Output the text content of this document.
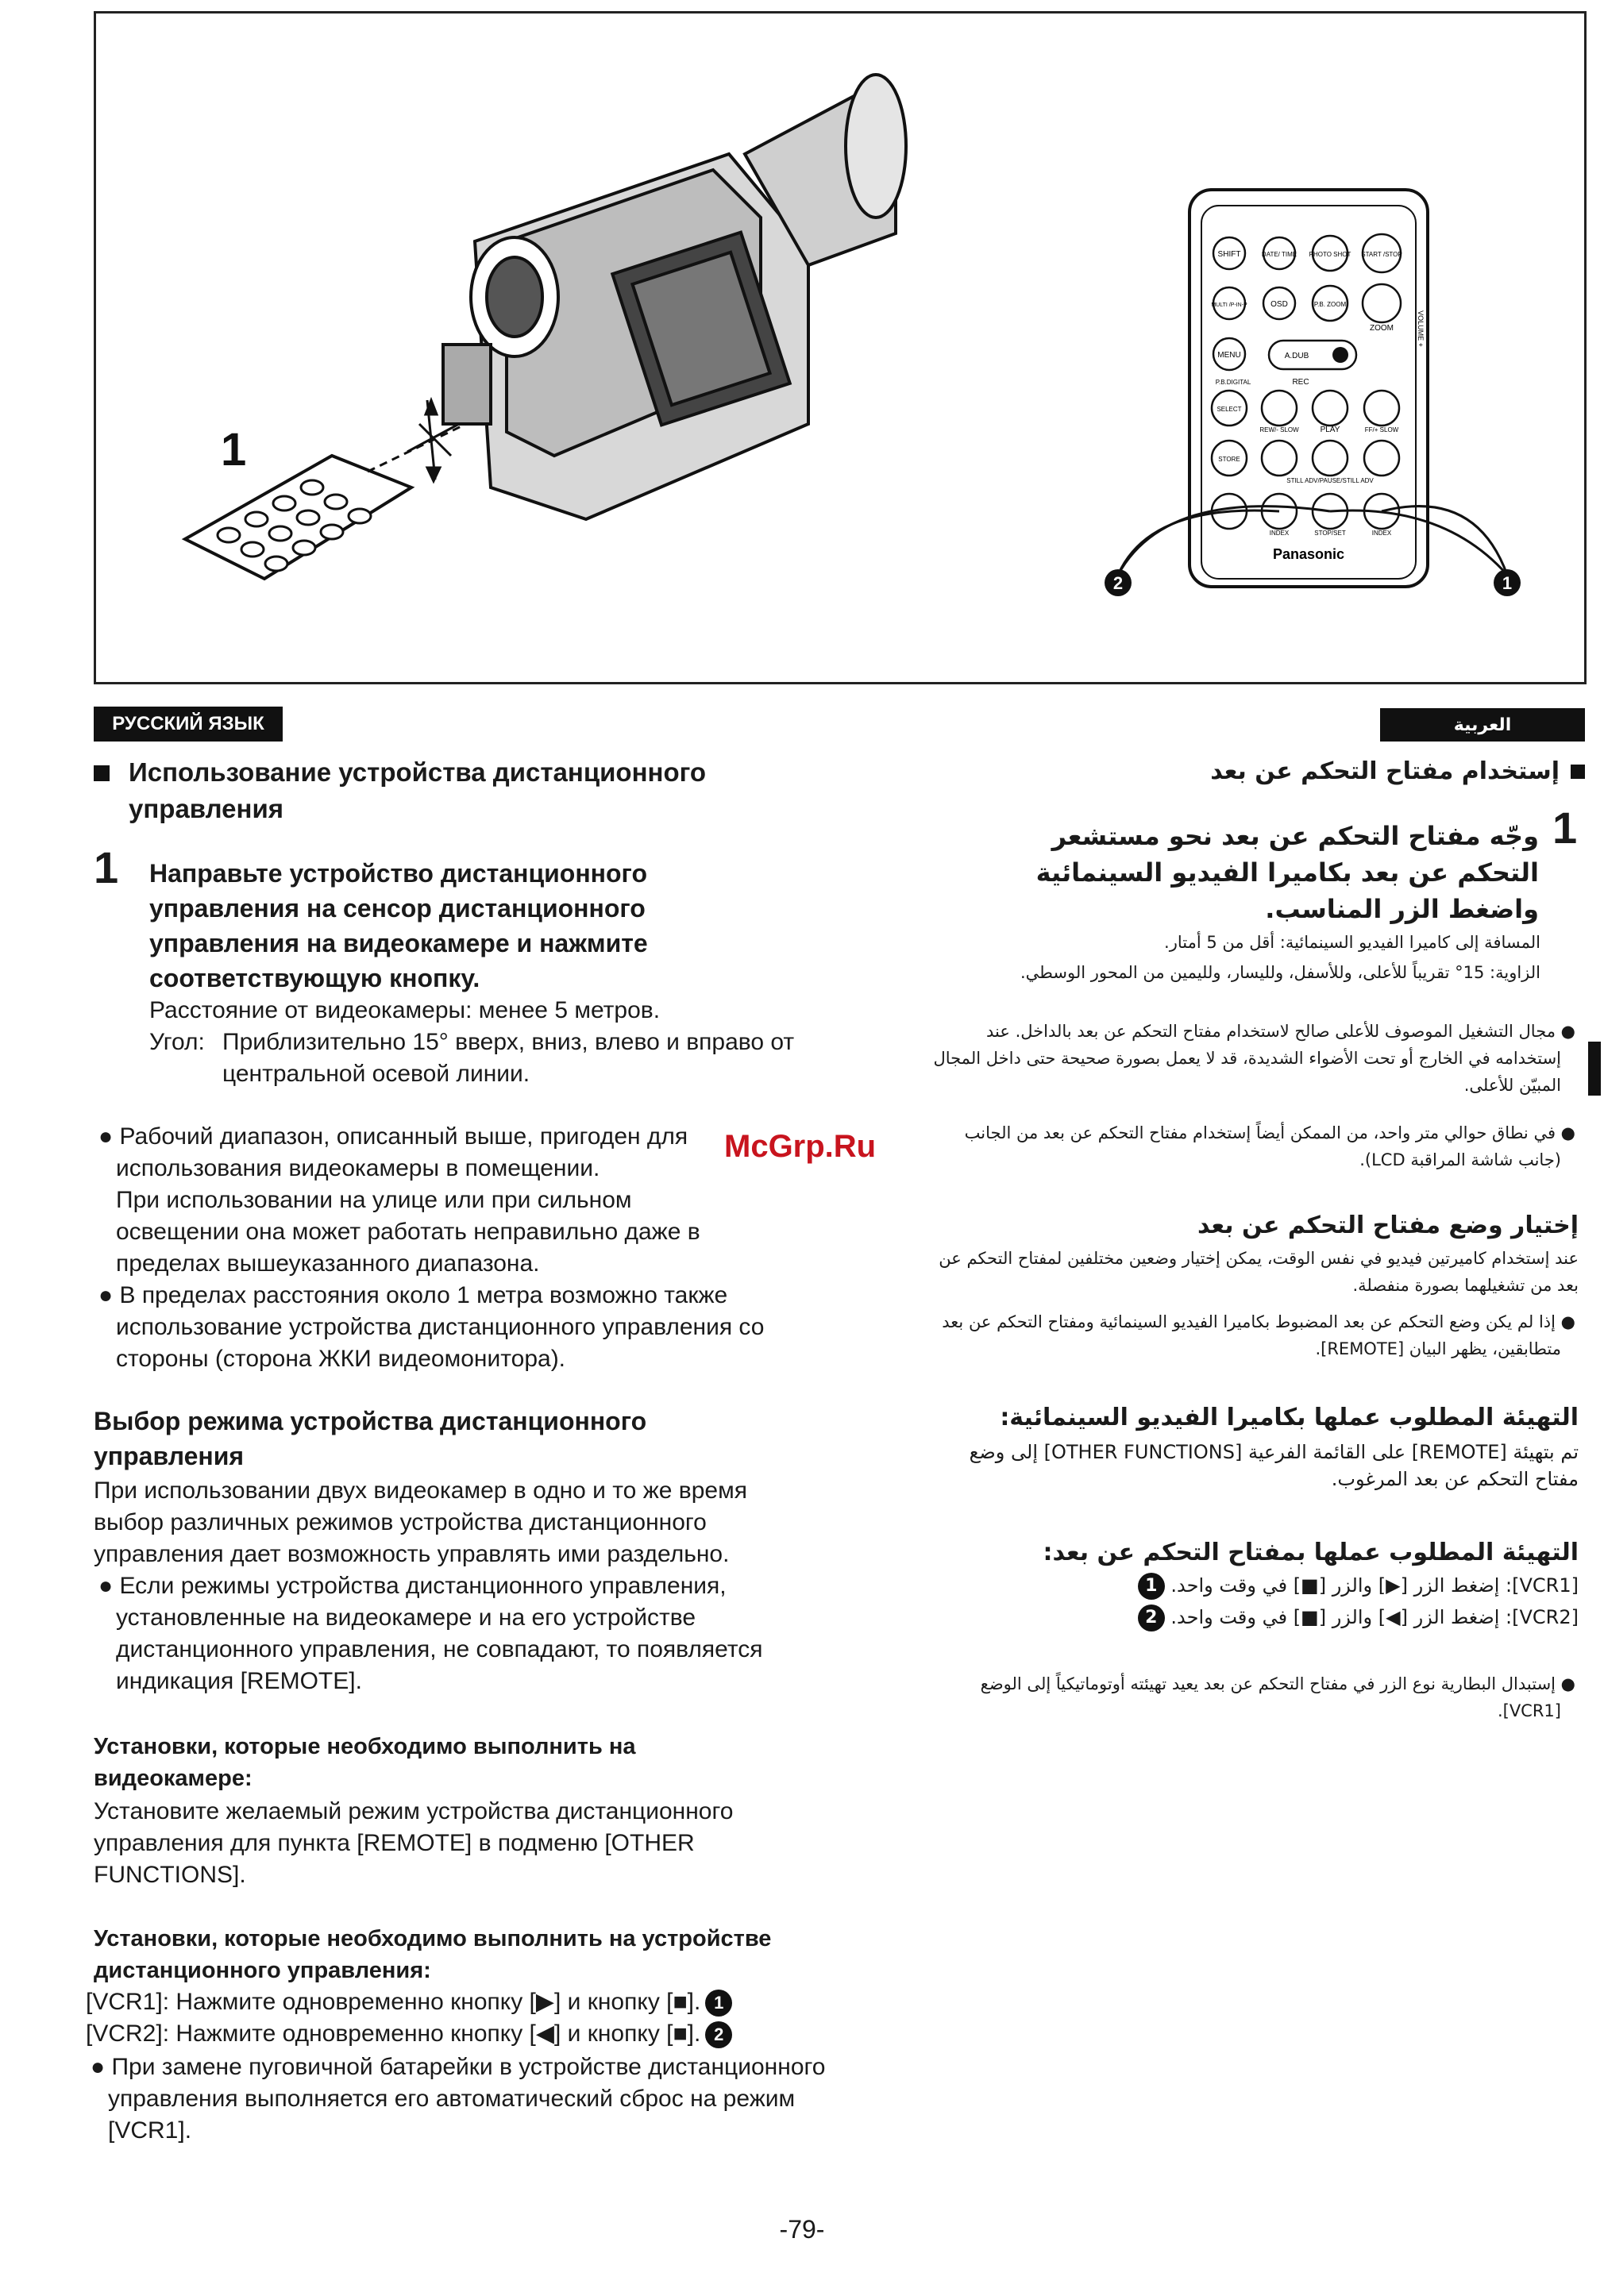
1
SHIFT	DATE/ TIME PHOTO SHOT START /STOP
MULTI /P-IN-P	OSD	P.B. ZOOM
ZOOM
MENU	A.DUB
P.B.DIGITAL	REC
SELECT
REW/- SLOW	PLAY	FF/+ SLOW
STORE
STILL ADV/PAUSE/STILL ADV
INDEX	STOP/SET	INDEX
Panasonic
VOLUME +
2	1
РУССКИЙ ЯЗЫК
Использование устройства дистанционного управления
1 Направьте устройство дистанционного управления на сенсор дистанционного управления на видеокамере и нажмите соответствующую кнопку.
Расстояние от видеокамеры: менее 5 метров.
Угол: Приблизительно 15° вверх, вниз, влево и вправо от центральной осевой линии.
● Рабочий диапазон, описанный выше, пригоден для использования видеокамеры в помещении.
При использовании на улице или при сильном освещении она может работать неправильно даже в пределах вышеуказанного диапазона.
● В пределах расстояния около 1 метра возможно также использование устройства дистанционного управления со стороны (сторона ЖКИ видеомонитора).
Выбор режима устройства дистанционного управления
При использовании двух видеокамер в одно и то же время выбор различных режимов устройства дистанционного управления дает возможность управлять ими раздельно.
● Если режимы устройства дистанционного управления, установленные на видеокамере и на его устройстве дистанционного управления, не совпадают, то появляется индикация [REMOTE].
Установки, которые необходимо выполнить на видеокамере:
Установите желаемый режим устройства дистанционного управления для пункта [REMOTE] в подменю [OTHER FUNCTIONS].
Установки, которые необходимо выполнить на устройстве дистанционного управления:
[VCR1]: Нажмите одновременно кнопку [▶] и кнопку [■]. 1
[VCR2]: Нажмите одновременно кнопку [◀] и кнопку [■]. 2
● При замене пуговичной батарейки в устройстве дистанционного управления выполняется его автоматический сброс на режим [VCR1].
McGrp.Ru
العربية
إستخدام مفتاح التحكم عن بعد
1
وجّه مفتاح التحكم عن بعد نحو مستشعر التحكم عن بعد بكاميرا الفيديو السينمائية واضغط الزر المناسب.
المسافة إلى كاميرا الفيديو السينمائية: أقل من 5 أمتار.
الزاوية: 15° تقريباً للأعلى، وللأسفل، ولليسار، ولليمين من المحور الوسطي.
● مجال التشغيل الموصوف للأعلى صالح لاستخدام مفتاح التحكم عن بعد بالداخل. عند إستخدامه في الخارج أو تحت الأضواء الشديدة، قد لا يعمل بصورة صحيحة حتى داخل المجال المبيّن للأعلى.
● في نطاق حوالي متر واحد، من الممكن أيضاً إستخدام مفتاح التحكم عن بعد من الجانب (جانب شاشة المراقبة LCD).
إختيار وضع مفتاح التحكم عن بعد
عند إستخدام كاميرتين فيديو في نفس الوقت، يمكن إختيار وضعين مختلفين لمفتاح التحكم عن بعد من تشغيلهما بصورة منفصلة.
● إذا لم يكن وضع التحكم عن بعد المضبوط بكاميرا الفيديو السينمائية ومفتاح التحكم عن بعد متطابقين، يظهر البيان [REMOTE].
التهيئة المطلوب عملها بكاميرا الفيديو السينمائية:
تم بتهيئة [REMOTE] على القائمة الفرعية [OTHER FUNCTIONS] إلى وضع مفتاح التحكم عن بعد المرغوب.
التهيئة المطلوب عملها بمفتاح التحكم عن بعد:
[VCR1]: إضغط الزر [▶] والزر [■] في وقت واحد. 1
[VCR2]: إضغط الزر [◀] والزر [■] في وقت واحد. 2
● إستبدال البطارية نوع الزر في مفتاح التحكم عن بعد يعيد تهيئته أوتوماتيكياً إلى الوضع [VCR1].
-79-
